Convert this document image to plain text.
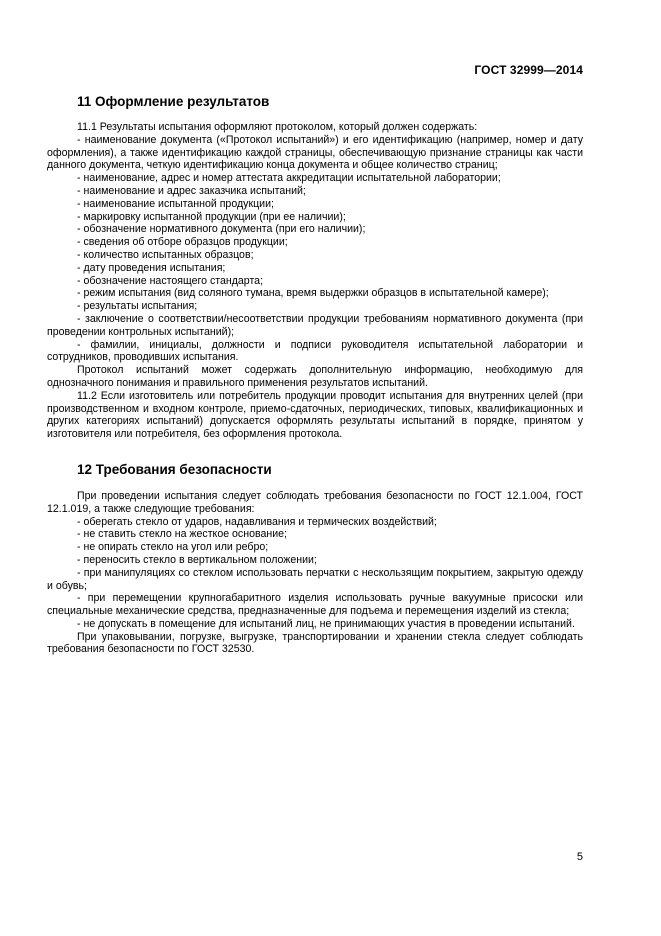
ГОСТ 32999—2014
11 Оформление результатов

11.1 Результаты испытания оформляют протоколом, который должен содержать:

- наименование документа («Протокол испытаний») и его идентификацию (например, номер и дату оформления), а также идентификацию каждой страницы, обеспечивающую признание страницы как части данного документа, четкую идентификацию конца документа и общее количество страниц;

- наименование, адрес и номер аттестата аккредитации испытательной лаборатории;

- наименование и адрес заказчика испытаний;

- наименование испытанной продукции;

- маркировку испытанной продукции (при ее наличии);

- обозначение нормативного документа (при его наличии);

- сведения об отборе образцов продукции;

- количество испытанных образцов;

- дату проведения испытания;

- обозначение настоящего стандарта;

- режим испытания (вид соляного тумана, время выдержки образцов в испытательной камере);

- результаты испытания;

- заключение о соответствии/несоответствии продукции требованиям нормативного документа (при проведении контрольных испытаний);

- фамилии, инициалы, должности и подписи руководителя испытательной лаборатории и сотрудников, проводивших испытания.

Протокол испытаний может содержать дополнительную информацию, необходимую для однозначного понимания и правильного применения результатов испытаний.

11.2 Если изготовитель или потребитель продукции проводит испытания для внутренних целей (при производственном и входном контроле, приемо-сдаточных, периодических, типовых, квалификационных и других категориях испытаний) допускается оформлять результаты испытаний в порядке, принятом у изготовителя или потребителя, без оформления протокола.

12 Требования безопасности

При проведении испытания следует соблюдать требования безопасности по ГОСТ 12.1.004, ГОСТ 12.1.019, а также следующие требования:

- оберегать стекло от ударов, надавливания и термических воздействий;

- не ставить стекло на жесткое основание;

- не опирать стекло на угол или ребро;

- переносить стекло в вертикальном положении;

- при манипуляциях со стеклом использовать перчатки с нескользящим покрытием, закрытую одежду и обувь;

- при перемещении крупногабаритного изделия использовать ручные вакуумные присоски или специальные механические средства, предназначенные для подъема и перемещения изделий из стекла;

- не допускать в помещение для испытаний лиц, не принимающих участия в проведении испытаний.

При упаковывании, погрузке, выгрузке, транспортировании и хранении стекла следует соблюдать требования безопасности по ГОСТ 32530.

5
